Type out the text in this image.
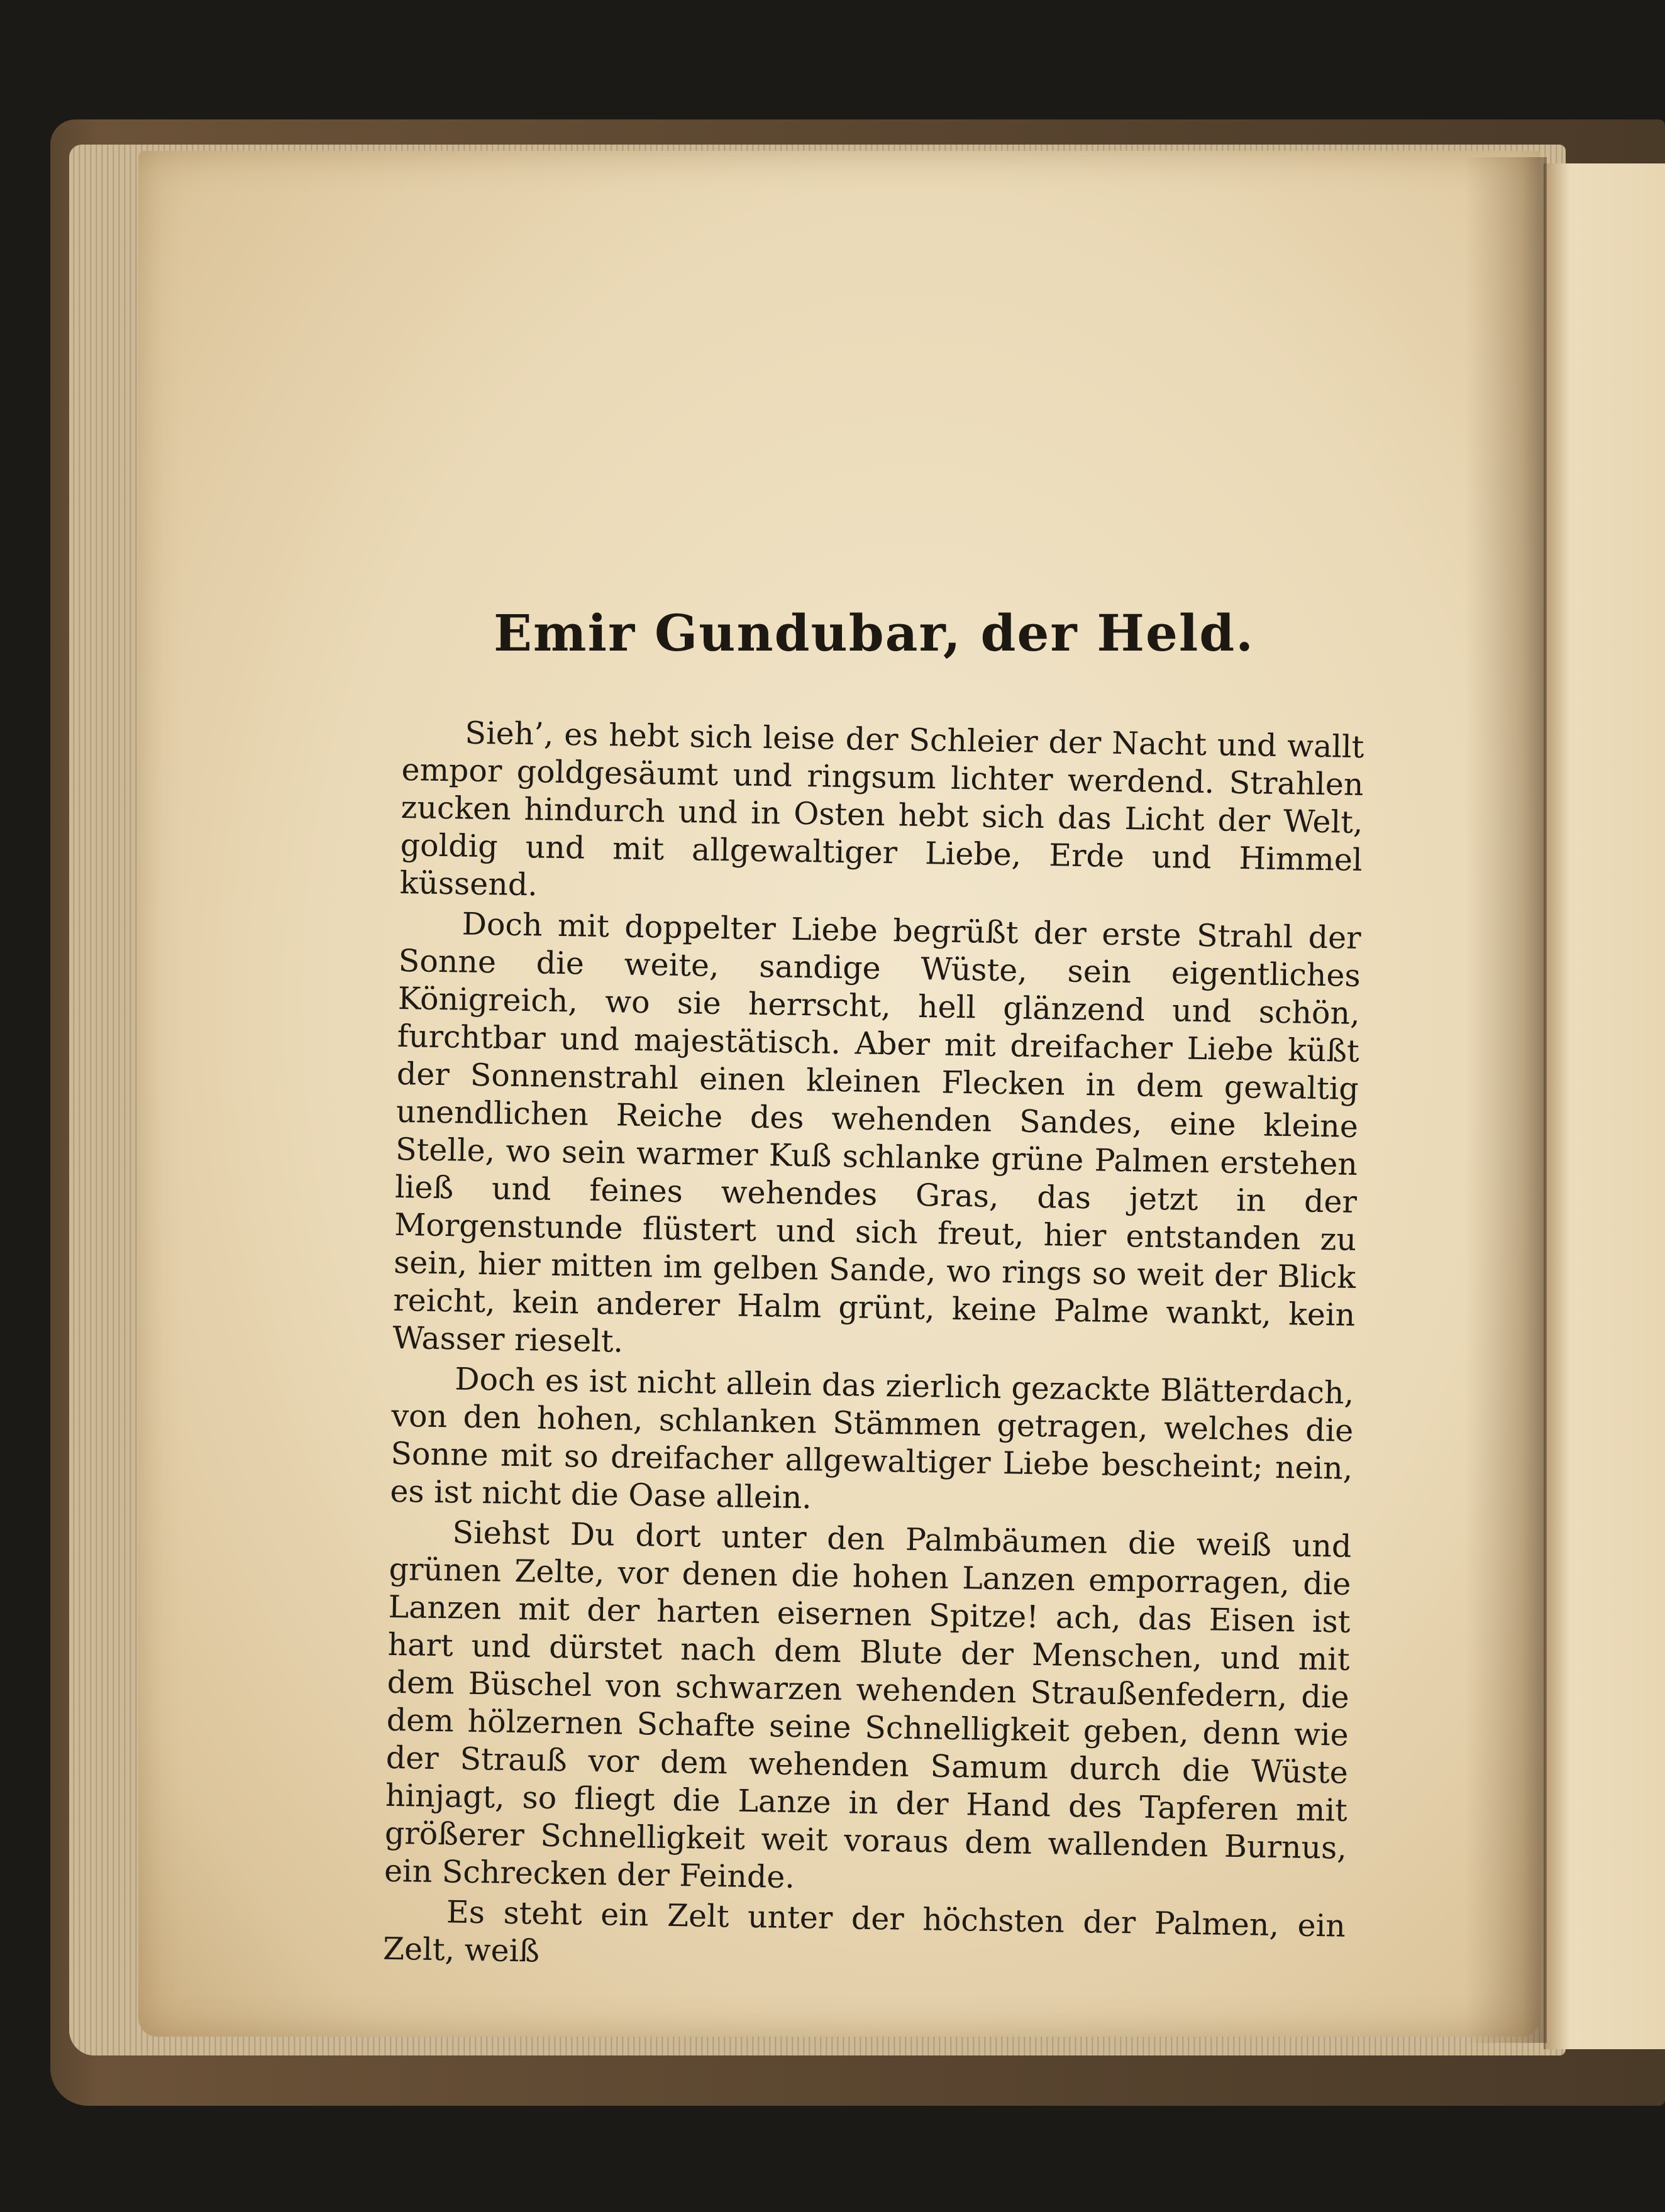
Emir Gundubar, der Held.

Sieh’, es hebt sich leise der Schleier der Nacht und wallt empor goldgesäumt und ringsum lichter werdend. Strahlen zucken hindurch und in Osten hebt sich das Licht der Welt, goldig und mit allgewaltiger Liebe, Erde und Himmel küssend.

Doch mit doppelter Liebe begrüßt der erste Strahl der Sonne die weite, sandige Wüste, sein eigentliches Königreich, wo sie herrscht, hell glänzend und schön, furchtbar und majestätisch. Aber mit dreifacher Liebe küßt der Sonnenstrahl einen kleinen Flecken in dem gewaltig unendlichen Reiche des wehenden Sandes, eine kleine Stelle, wo sein warmer Kuß schlanke grüne Palmen erstehen ließ und feines wehendes Gras, das jetzt in der Morgenstunde flüstert und sich freut, hier entstanden zu sein, hier mitten im gelben Sande, wo rings so weit der Blick reicht, kein anderer Halm grünt, keine Palme wankt, kein Wasser rieselt.

Doch es ist nicht allein das zierlich gezackte Blätterdach, von den hohen, schlanken Stämmen getragen, welches die Sonne mit so dreifacher allgewaltiger Liebe bescheint; nein, es ist nicht die Oase allein.

Siehst Du dort unter den Palmbäumen die weiß und grünen Zelte, vor denen die hohen Lanzen emporragen, die Lanzen mit der harten eisernen Spitze! ach, das Eisen ist hart und dürstet nach dem Blute der Menschen, und mit dem Büschel von schwarzen wehenden Straußenfedern, die dem hölzernen Schafte seine Schnelligkeit geben, denn wie der Strauß vor dem wehenden Samum durch die Wüste hinjagt, so fliegt die Lanze in der Hand des Tapferen mit größerer Schnelligkeit weit voraus dem wallenden Burnus, ein Schrecken der Feinde.

Es steht ein Zelt unter der höchsten der Palmen, ein Zelt, weiß
